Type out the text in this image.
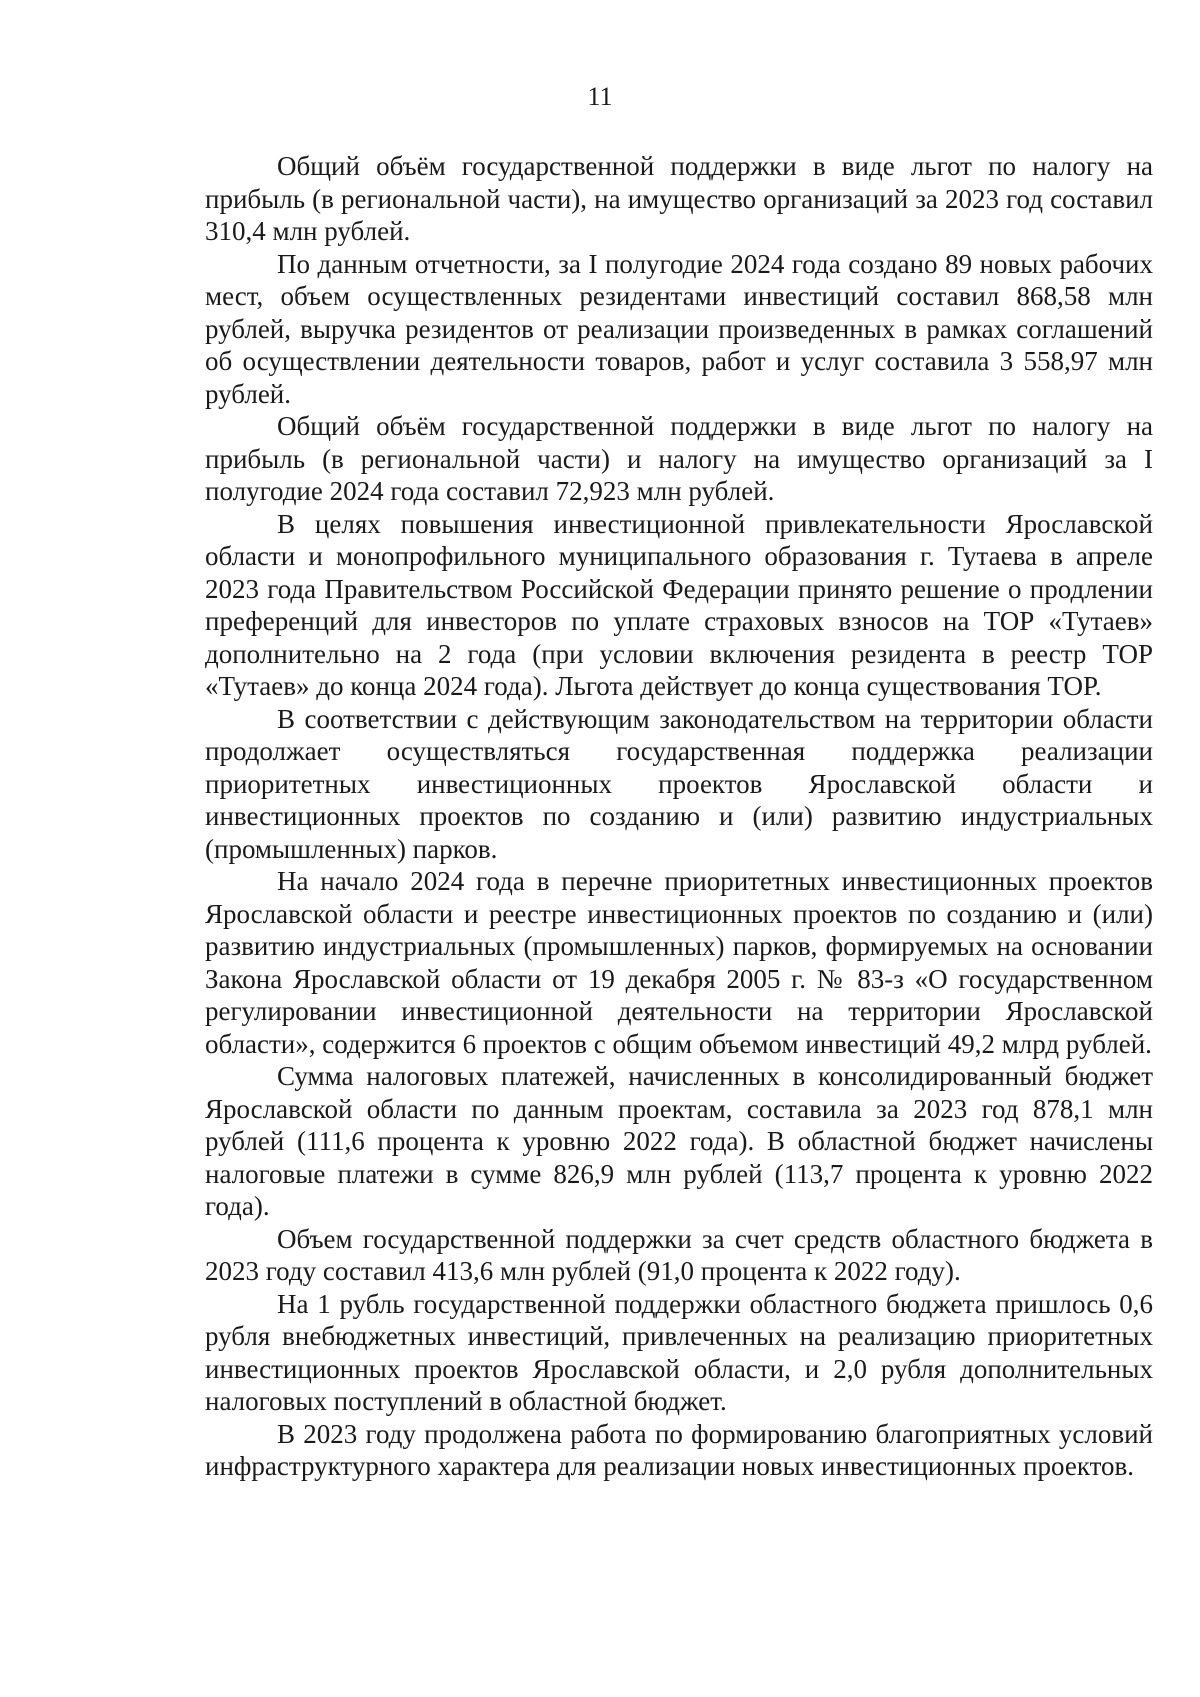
11

Общий объём государственной поддержки в виде льгот по налогу на прибыль (в региональной части), на имущество организаций за 2023 год составил 310,4 млн рублей.

По данным отчетности, за I полугодие 2024 года создано 89 новых рабочих мест, объем осуществленных резидентами инвестиций составил 868,58 млн рублей, выручка резидентов от реализации произведенных в рамках соглашений об осуществлении деятельности товаров, работ и услуг составила 3 558,97 млн рублей.

Общий объём государственной поддержки в виде льгот по налогу на прибыль (в региональной части) и налогу на имущество организаций за I полугодие 2024 года составил 72,923 млн рублей.

В целях повышения инвестиционной привлекательности Ярославской области и монопрофильного муниципального образования г. Тутаева в апреле 2023 года Правительством Российской Федерации принято решение о продлении преференций для инвесторов по уплате страховых взносов на ТОР «Тутаев» дополнительно на 2 года (при условии включения резидента в реестр ТОР «Тутаев» до конца 2024 года). Льгота действует до конца существования ТОР.

В соответствии с действующим законодательством на территории области продолжает осуществляться государственная поддержка реализации приоритетных инвестиционных проектов Ярославской области и инвестиционных проектов по созданию и (или) развитию индустриальных (промышленных) парков.

На начало 2024 года в перечне приоритетных инвестиционных проектов Ярославской области и реестре инвестиционных проектов по созданию и (или) развитию индустриальных (промышленных) парков, формируемых на основании Закона Ярославской области от 19 декабря 2005 г. № 83-з «О государственном регулировании инвестиционной деятельности на территории Ярославской области», содержится 6 проектов с общим объемом инвестиций 49,2 млрд рублей.

Сумма налоговых платежей, начисленных в консолидированный бюджет Ярославской области по данным проектам, составила за 2023 год 878,1 млн рублей (111,6 процента к уровню 2022 года). В областной бюджет начислены налоговые платежи в сумме 826,9 млн рублей (113,7 процента к уровню 2022 года).

Объем государственной поддержки за счет средств областного бюджета в 2023 году составил 413,6 млн рублей (91,0 процента к 2022 году).

На 1 рубль государственной поддержки областного бюджета пришлось 0,6 рубля внебюджетных инвестиций, привлеченных на реализацию приоритетных инвестиционных проектов Ярославской области, и 2,0 рубля дополнительных налоговых поступлений в областной бюджет.

В 2023 году продолжена работа по формированию благоприятных условий инфраструктурного характера для реализации новых инвестиционных проектов.
